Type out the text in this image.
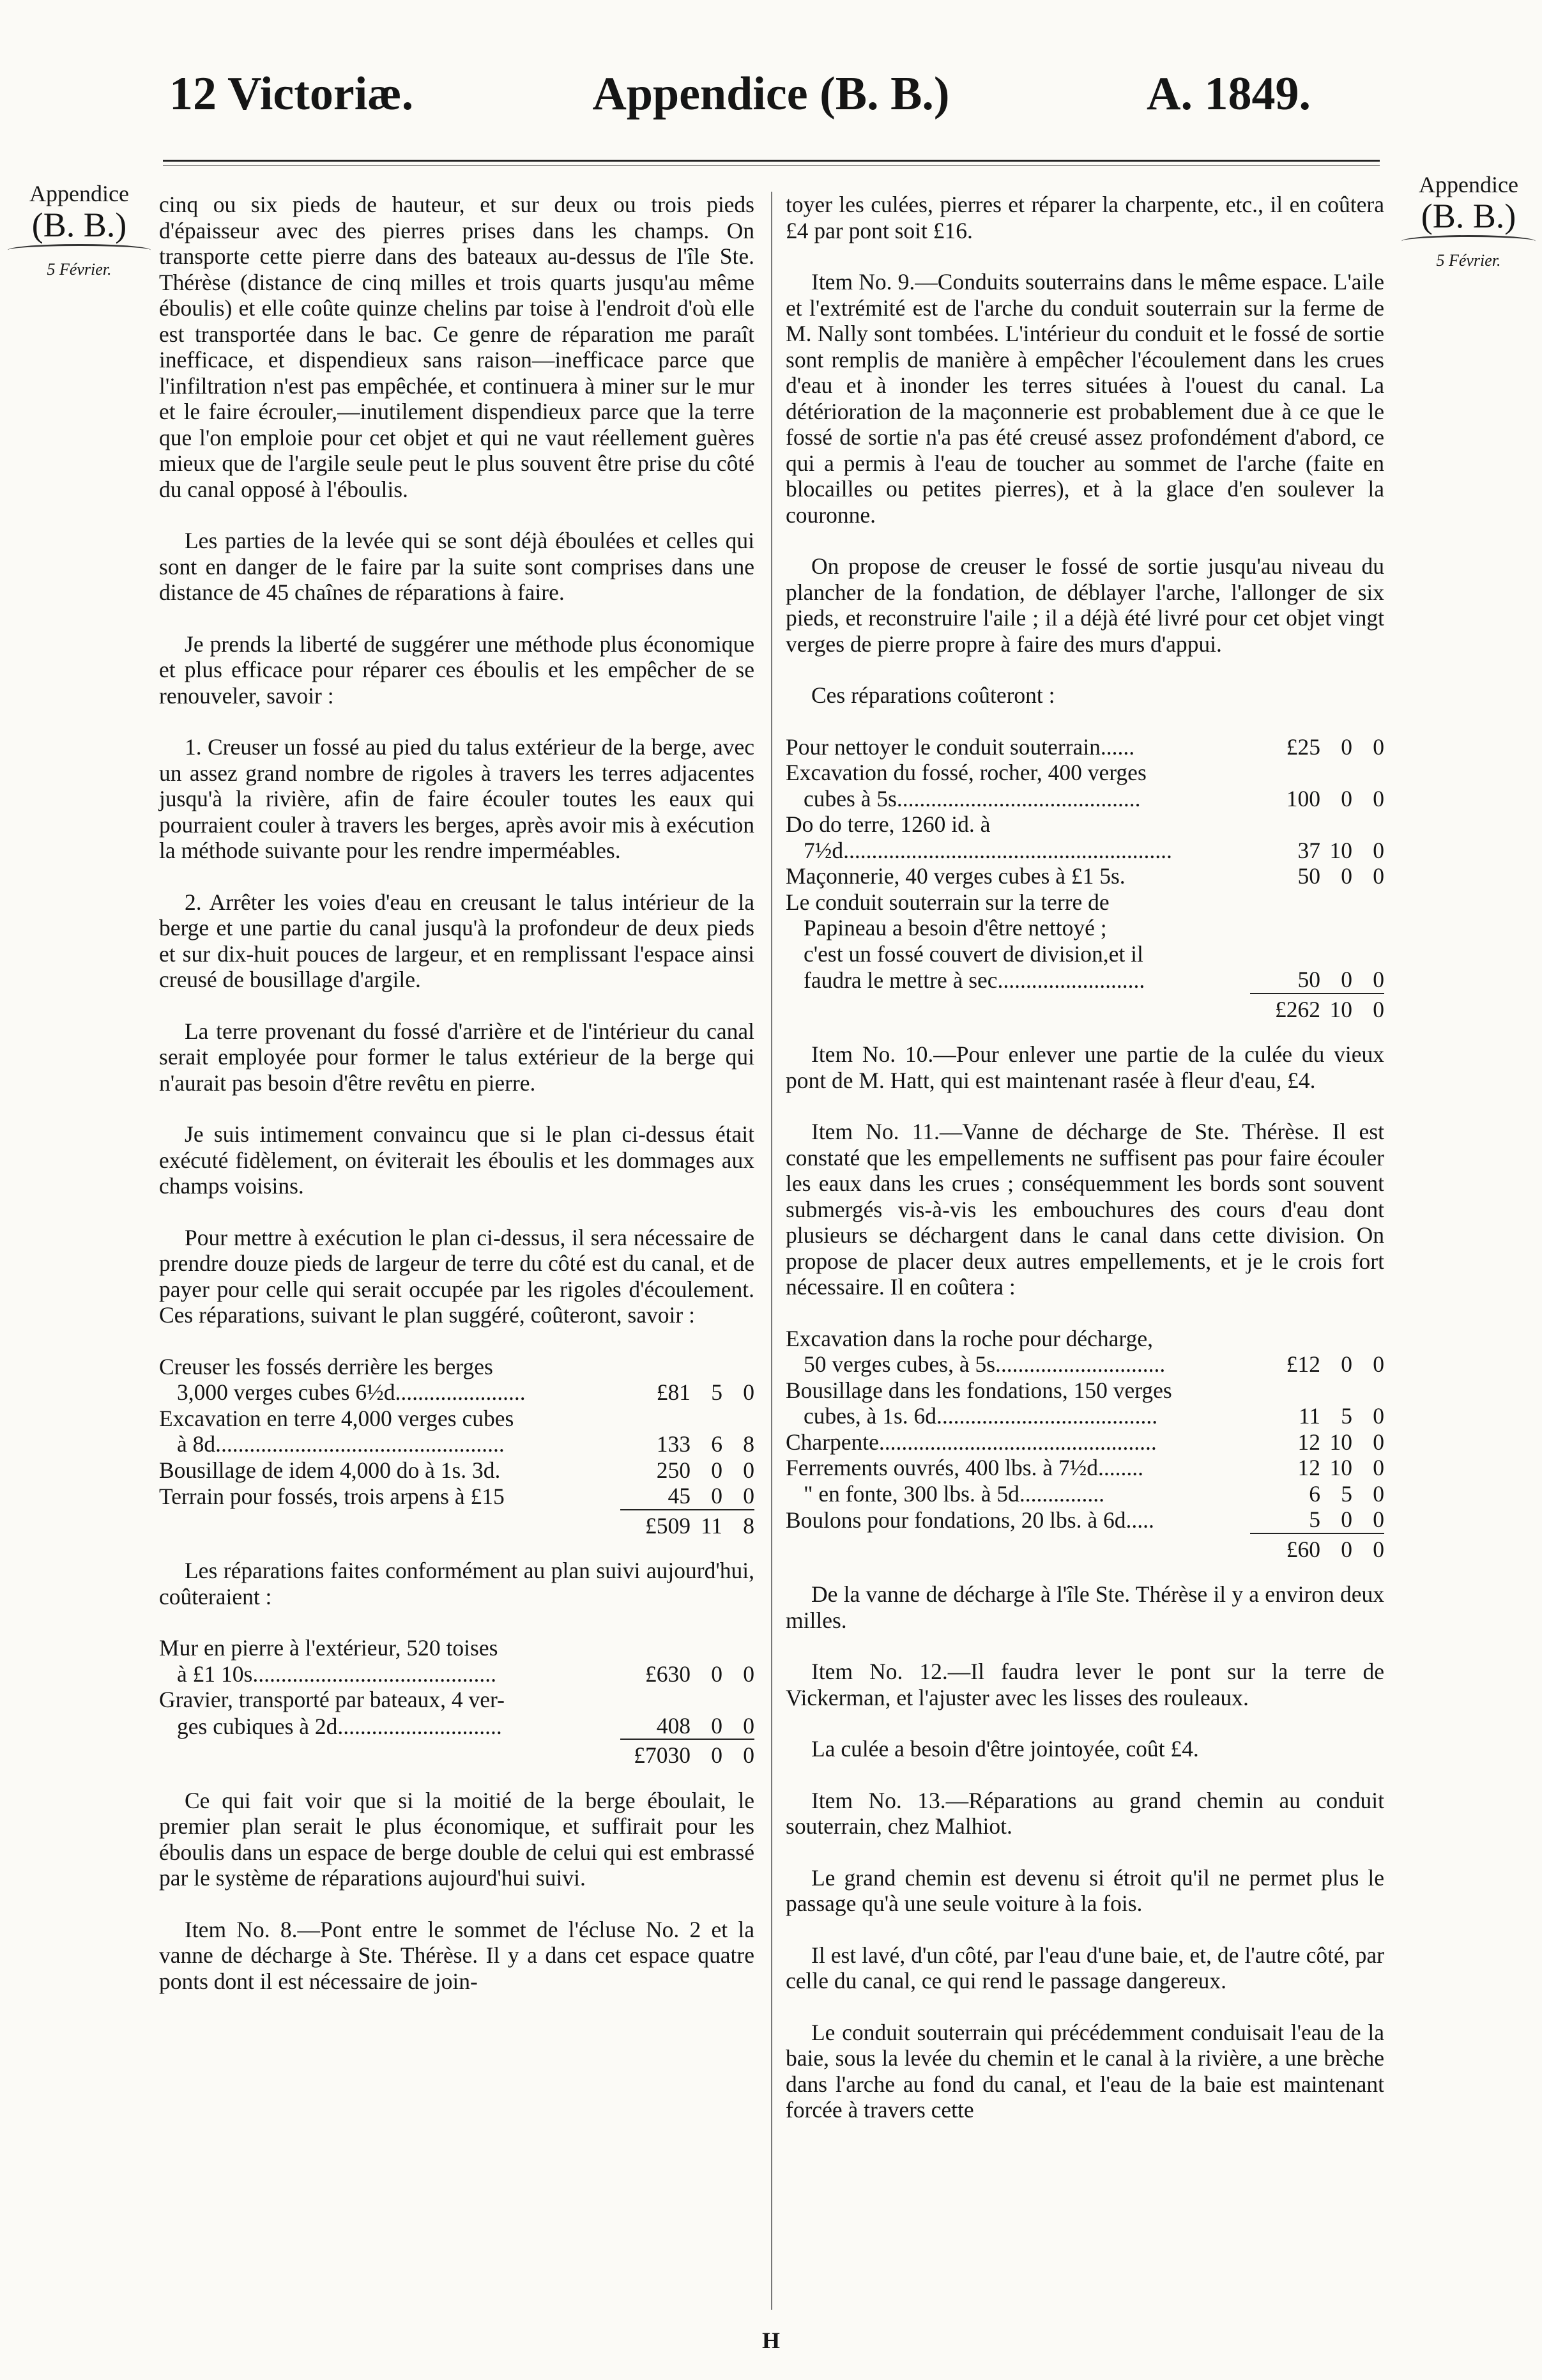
Appendice (B. B.)
12 Victoriæ.	A. 1849.
Appendice
(B. B.)
5 Février.
Appendice
(B. B.)
5 Février.

cinq ou six pieds de hauteur, et sur deux ou trois pieds d'épaisseur avec des pierres prises dans les champs. On transporte cette pierre dans des bateaux au-dessus de l'île Ste. Thérèse (distance de cinq milles et trois quarts jusqu'au même éboulis) et elle coûte quinze chelins par toise à l'endroit d'où elle est transportée dans le bac. Ce genre de réparation me paraît inefficace, et dispendieux sans raison—inefficace parce que l'infiltration n'est pas empêchée, et continuera à miner sur le mur et le faire écrouler,—inutilement dispendieux parce que la terre que l'on emploie pour cet objet et qui ne vaut réellement guères mieux que de l'argile seule peut le plus souvent être prise du côté du canal opposé à l'éboulis.

Les parties de la levée qui se sont déjà éboulées et celles qui sont en danger de le faire par la suite sont comprises dans une distance de 45 chaînes de réparations à faire.

Je prends la liberté de suggérer une méthode plus économique et plus efficace pour réparer ces éboulis et les empêcher de se renouveler, savoir :

1. Creuser un fossé au pied du talus extérieur de la berge, avec un assez grand nombre de rigoles à travers les terres adjacentes jusqu'à la rivière, afin de faire écouler toutes les eaux qui pourraient couler à travers les berges, après avoir mis à exécution la méthode suivante pour les rendre imperméables.

2. Arrêter les voies d'eau en creusant le talus intérieur de la berge et une partie du canal jusqu'à la profondeur de deux pieds et sur dix-huit pouces de largeur, et en remplissant l'espace ainsi creusé de bousillage d'argile.

La terre provenant du fossé d'arrière et de l'intérieur du canal serait employée pour former le talus extérieur de la berge qui n'aurait pas besoin d'être revêtu en pierre.

Je suis intimement convaincu que si le plan ci-dessus était exécuté fidèlement, on éviterait les éboulis et les dommages aux champs voisins.

Pour mettre à exécution le plan ci-dessus, il sera nécessaire de prendre douze pieds de largeur de terre du côté est du canal, et de payer pour celle qui serait occupée par les rigoles d'écoulement. Ces réparations, suivant le plan suggéré, coûteront, savoir :

Creuser les fossés derrière les berges			
3,000 verges cubes 6½d.......................	£81	5	0
Excavation en terre 4,000 verges cubes			
à 8d...................................................	133	6	8
Bousillage de idem 4,000 do à 1s. 3d.	250	0	0
Terrain pour fossés, trois arpens à £15	45	0	0
	£509	11	8

Les réparations faites conformément au plan suivi aujourd'hui, coûteraient :

Mur en pierre à l'extérieur, 520 toises			
à £1 10s...........................................	£630	0	0
Gravier, transporté par bateaux, 4 ver-			
ges cubiques à 2d.............................	408	0	0
	£7030	0	0

Ce qui fait voir que si la moitié de la berge éboulait, le premier plan serait le plus économique, et suffirait pour les éboulis dans un espace de berge double de celui qui est embrassé par le système de réparations aujourd'hui suivi.

Item No. 8.—Pont entre le sommet de l'écluse No. 2 et la vanne de décharge à Ste. Thérèse. Il y a dans cet espace quatre ponts dont il est nécessaire de join-

toyer les culées, pierres et réparer la charpente, etc., il en coûtera £4 par pont soit £16.

Item No. 9.—Conduits souterrains dans le même espace. L'aile et l'extrémité est de l'arche du conduit souterrain sur la ferme de M. Nally sont tombées. L'intérieur du conduit et le fossé de sortie sont remplis de manière à empêcher l'écoulement dans les crues d'eau et à inonder les terres situées à l'ouest du canal. La détérioration de la maçonnerie est probablement due à ce que le fossé de sortie n'a pas été creusé assez profondément d'abord, ce qui a permis à l'eau de toucher au sommet de l'arche (faite en blocailles ou petites pierres), et à la glace d'en soulever la couronne.

On propose de creuser le fossé de sortie jusqu'au niveau du plancher de la fondation, de déblayer l'arche, l'allonger de six pieds, et reconstruire l'aile ; il a déjà été livré pour cet objet vingt verges de pierre propre à faire des murs d'appui.

Ces réparations coûteront :

Pour nettoyer le conduit souterrain......	£25	0	0
Excavation du fossé, rocher, 400 verges			
cubes à 5s...........................................	100	0	0
Do do terre, 1260 id. à			
7½d..........................................................	37	10	0
Maçonnerie, 40 verges cubes à £1 5s.	50	0	0
Le conduit souterrain sur la terre de			
Papineau a besoin d'être nettoyé ;			
c'est un fossé couvert de division,et il			
faudra le mettre à sec..........................	50	0	0
	£262	10	0

Item No. 10.—Pour enlever une partie de la culée du vieux pont de M. Hatt, qui est maintenant rasée à fleur d'eau, £4.

Item No. 11.—Vanne de décharge de Ste. Thérèse. Il est constaté que les empellements ne suffisent pas pour faire écouler les eaux dans les crues ; conséquemment les bords sont souvent submergés vis-à-vis les embouchures des cours d'eau dont plusieurs se déchargent dans le canal dans cette division. On propose de placer deux autres empellements, et je le crois fort nécessaire. Il en coûtera :

Excavation dans la roche pour décharge,			
50 verges cubes, à 5s..............................	£12	0	0
Bousillage dans les fondations, 150 verges			
cubes, à 1s. 6d.......................................	11	5	0
Charpente.................................................	12	10	0
Ferrements ouvrés, 400 lbs. à 7½d........	12	10	0
" en fonte, 300 lbs. à 5d...............	6	5	0
Boulons pour fondations, 20 lbs. à 6d.....	5	0	0
	£60	0	0

De la vanne de décharge à l'île Ste. Thérèse il y a environ deux milles.

Item No. 12.—Il faudra lever le pont sur la terre de Vickerman, et l'ajuster avec les lisses des rouleaux.

La culée a besoin d'être jointoyée, coût £4.

Item No. 13.—Réparations au grand chemin au conduit souterrain, chez Malhiot.

Le grand chemin est devenu si étroit qu'il ne permet plus le passage qu'à une seule voiture à la fois.

Il est lavé, d'un côté, par l'eau d'une baie, et, de l'autre côté, par celle du canal, ce qui rend le passage dangereux.

Le conduit souterrain qui précédemment conduisait l'eau de la baie, sous la levée du chemin et le canal à la rivière, a une brèche dans l'arche au fond du canal, et l'eau de la baie est maintenant forcée à travers cette

H
